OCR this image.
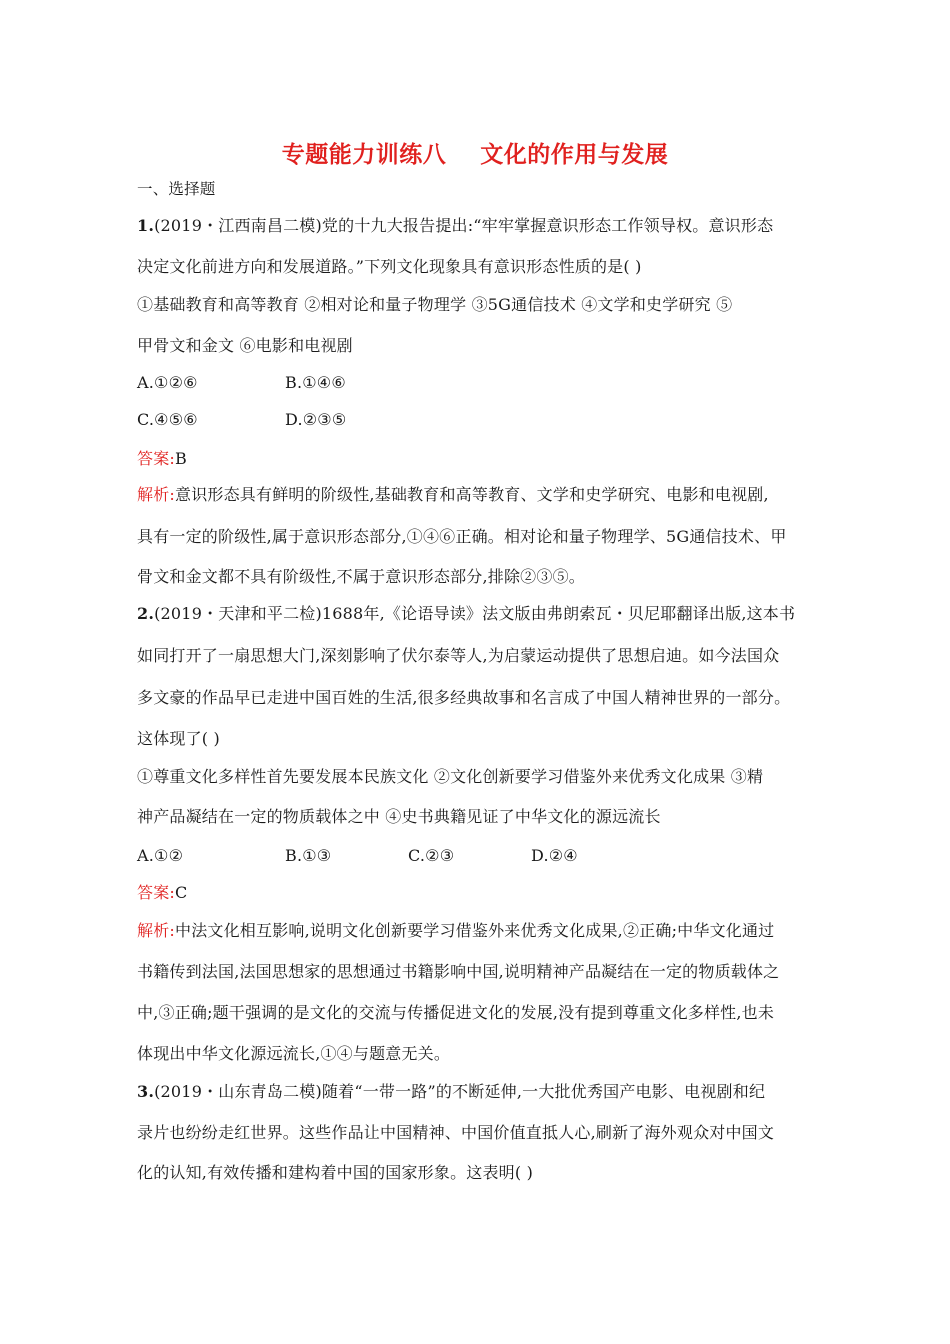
专题能力训练八    文化的作用与发展
一、选择题
1.(2019・江西南昌二模)党的十九大报告提出:“牢牢掌握意识形态工作领导权。意识形态
决定文化前进方向和发展道路。”下列文化现象具有意识形态性质的是( )
①基础教育和高等教育 ②相对论和量子物理学 ③5G通信技术 ④文学和史学研究 ⑤
甲骨文和金文 ⑥电影和电视剧
A.①②⑥	B.①④⑥
C.④⑤⑥	D.②③⑤
答案:B
解析:意识形态具有鲜明的阶级性,基础教育和高等教育、文学和史学研究、电影和电视剧,
具有一定的阶级性,属于意识形态部分,①④⑥正确。相对论和量子物理学、5G通信技术、甲
骨文和金文都不具有阶级性,不属于意识形态部分,排除②③⑤。
2.(2019・天津和平二检)1688年,《论语导读》法文版由弗朗索瓦・贝尼耶翻译出版,这本书
如同打开了一扇思想大门,深刻影响了伏尔泰等人,为启蒙运动提供了思想启迪。如今法国众
多文豪的作品早已走进中国百姓的生活,很多经典故事和名言成了中国人精神世界的一部分。
这体现了( )
①尊重文化多样性首先要发展本民族文化 ②文化创新要学习借鉴外来优秀文化成果 ③精
神产品凝结在一定的物质载体之中 ④史书典籍见证了中华文化的源远流长
A.①②	B.①③	C.②③	D.②④
答案:C
解析:中法文化相互影响,说明文化创新要学习借鉴外来优秀文化成果,②正确;中华文化通过
书籍传到法国,法国思想家的思想通过书籍影响中国,说明精神产品凝结在一定的物质载体之
中,③正确;题干强调的是文化的交流与传播促进文化的发展,没有提到尊重文化多样性,也未
体现出中华文化源远流长,①④与题意无关。
3.(2019・山东青岛二模)随着“一带一路”的不断延伸,一大批优秀国产电影、电视剧和纪
录片也纷纷走红世界。这些作品让中国精神、中国价值直抵人心,刷新了海外观众对中国文
化的认知,有效传播和建构着中国的国家形象。这表明( )
